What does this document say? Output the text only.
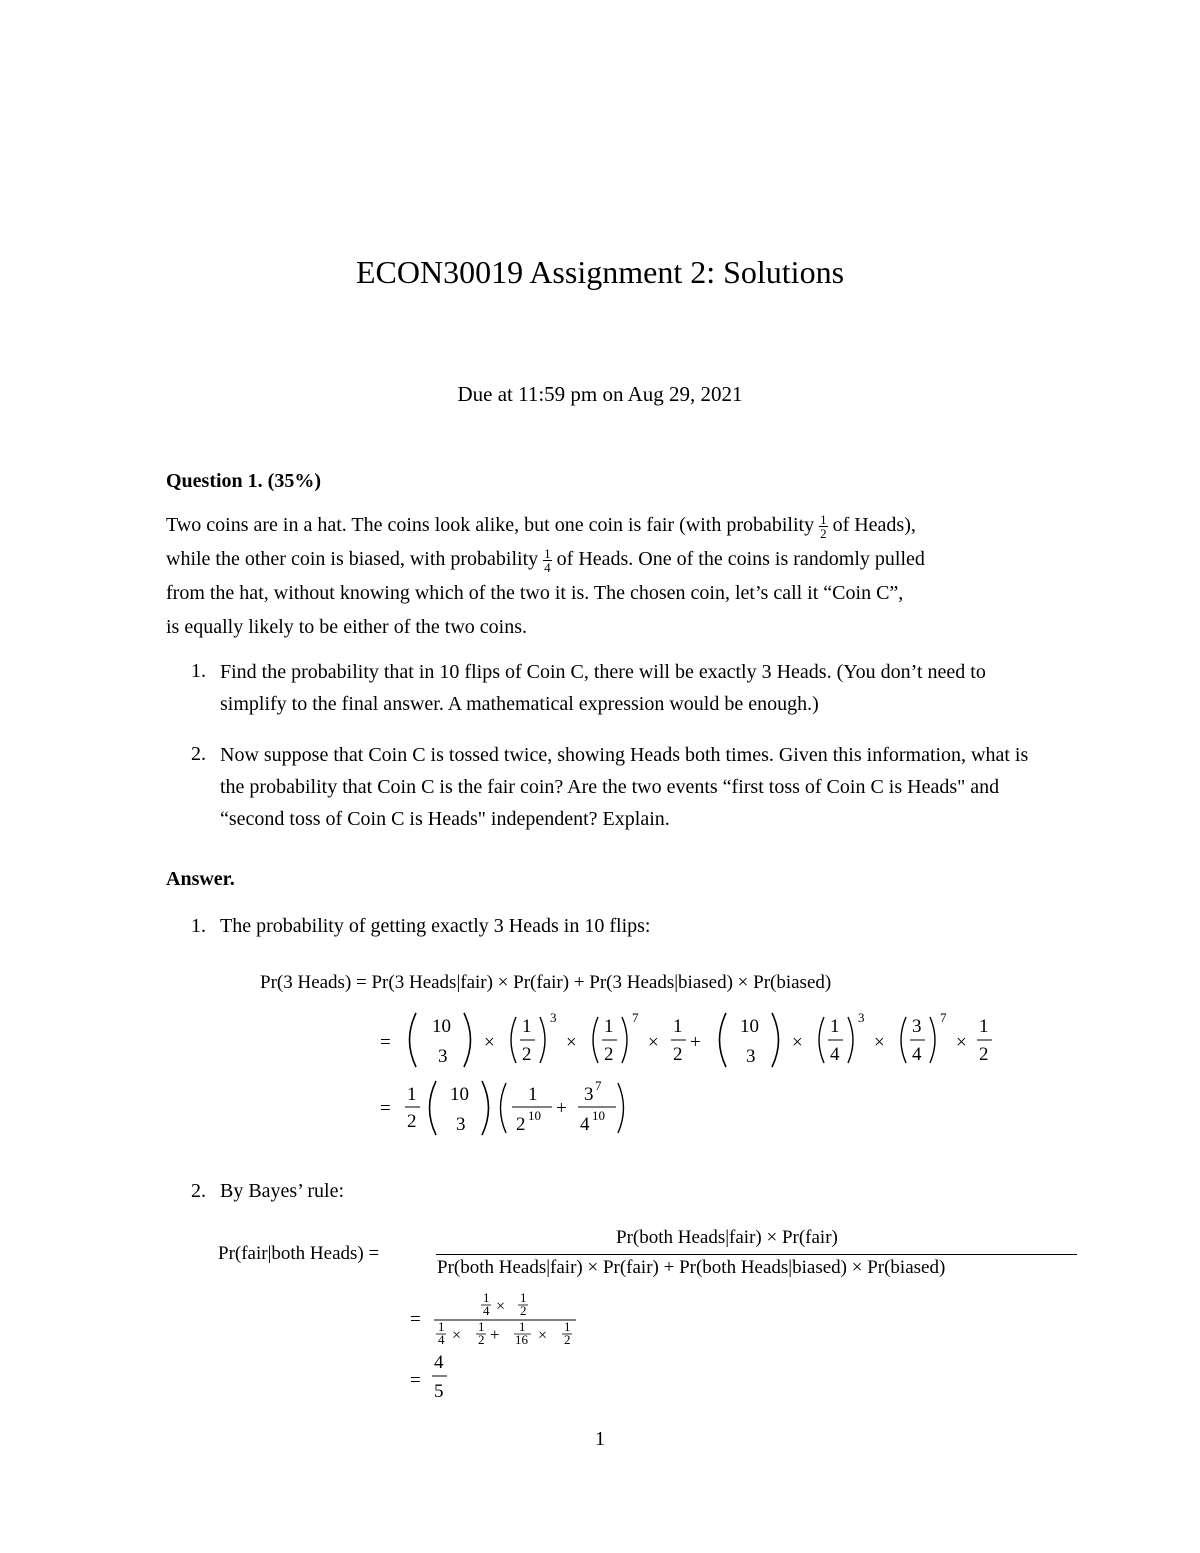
ECON30019 Assignment 2: Solutions
Due at 11:59 pm on Aug 29, 2021
Question 1. (35%)

Two coins are in a hat. The coins look alike, but one coin is fair (with probability $\frac{1}{2}$ of Heads),

while the other coin is biased, with probability $\frac{1}{4}$ of Heads. One of the coins is randomly pulled

from the hat, without knowing which of the two it is. The chosen coin, let’s call it “Coin C”,

is equally likely to be either of the two coins.

1. Find the probability that in 10 flips of Coin C, there will be exactly 3 Heads. (You don’t need to simplify to the final answer. A mathematical expression would be enough.)
2. Now suppose that Coin C is tossed twice, showing Heads both times. Given this information, what is the probability that Coin C is the fair coin? Are the two events “first toss of Coin C is Heads" and “second toss of Coin C is Heads" independent? Explain.
Answer.
1. The probability of getting exactly 3 Heads in 10 flips:
Pr(3 Heads) = Pr(3 Heads|fair) × Pr(fair) + Pr(3 Heads|biased) × Pr(biased)
=
10
3
×
1
2
3
×
1
2
7
×
1
2
+
10
3
×
1
4
3
×
3
4
7
×
1
2
=
1
2
10
3
1
2 10 +
3 7
4 10
2. By Bayes’ rule:
Pr(fair|both Heads) =
Pr(both Heads|fair) × Pr(fair)
Pr(both Heads|fair) × Pr(fair) + Pr(both Heads|biased) × Pr(biased)
=
1
4 ×
1
2
1
4 ×
1
2 + 1
16 ×
1
2
=
4
5
1
